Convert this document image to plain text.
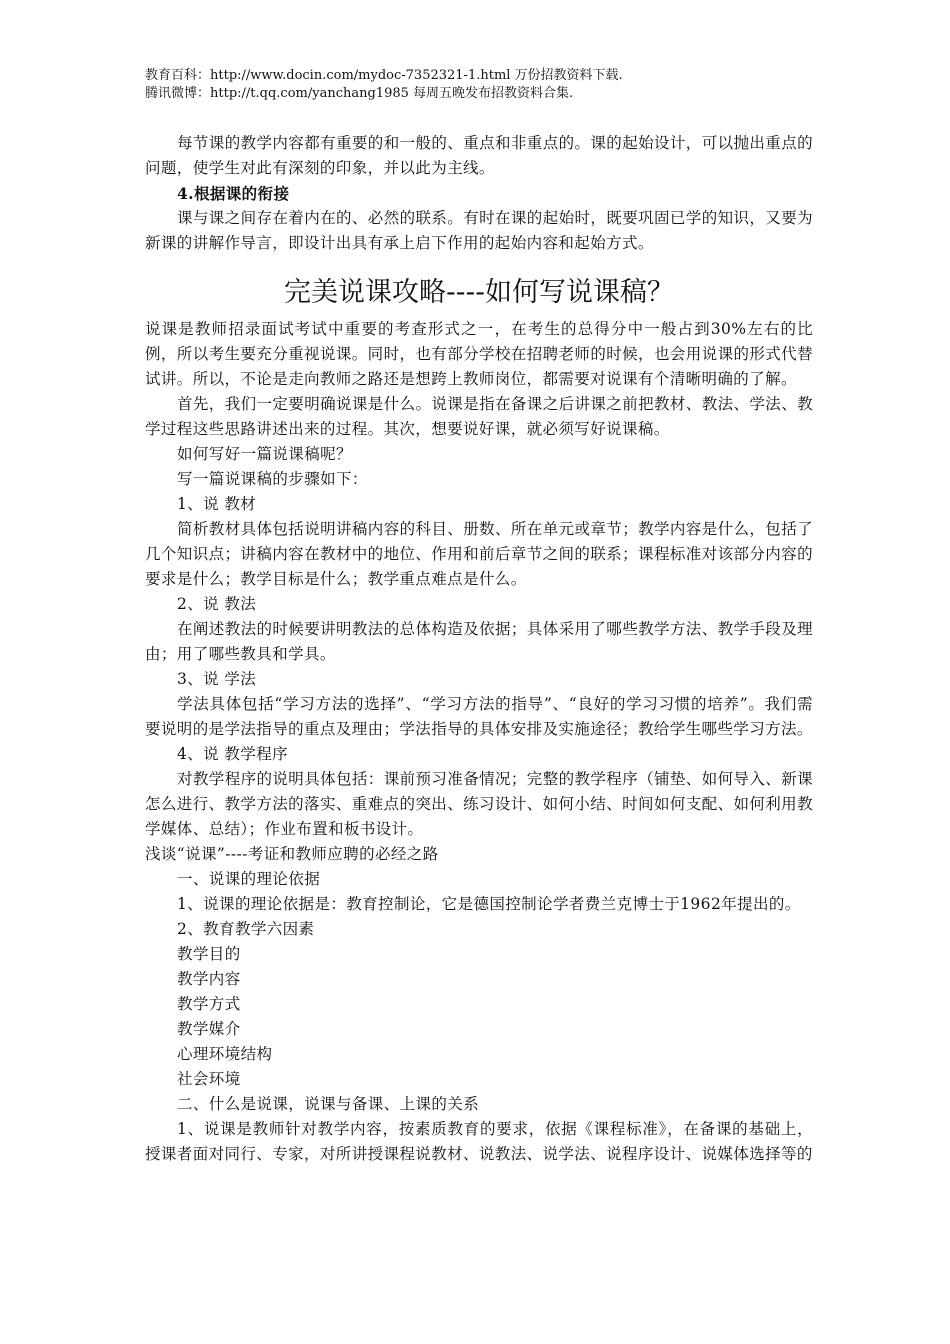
教育百科：http://www.docin.com/mydoc-7352321-1.html 万份招教资料下载.
腾讯微博：http://t.qq.com/yanchang1985 每周五晚发布招教资料合集.

每节课的教学内容都有重要的和一般的、重点和非重点的。课的起始设计，可以抛出重点的问题，使学生对此有深刻的印象，并以此为主线。

4.根据课的衔接

课与课之间存在着内在的、必然的联系。有时在课的起始时，既要巩固已学的知识，又要为新课的讲解作导言，即设计出具有承上启下作用的起始内容和起始方式。

完美说课攻略----如何写说课稿？

说课是教师招录面试考试中重要的考查形式之一，在考生的总得分中一般占到30%左右的比例，所以考生要充分重视说课。同时，也有部分学校在招聘老师的时候，也会用说课的形式代替试讲。所以，不论是走向教师之路还是想跨上教师岗位，都需要对说课有个清晰明确的了解。

首先，我们一定要明确说课是什么。说课是指在备课之后讲课之前把教材、教法、学法、教学过程这些思路讲述出来的过程。其次，想要说好课，就必须写好说课稿。

如何写好一篇说课稿呢？

写一篇说课稿的步骤如下：

1、说 教材

简析教材具体包括说明讲稿内容的科目、册数、所在单元或章节；教学内容是什么，包括了几个知识点；讲稿内容在教材中的地位、作用和前后章节之间的联系；课程标准对该部分内容的要求是什么；教学目标是什么；教学重点难点是什么。

2、说 教法

在阐述教法的时候要讲明教法的总体构造及依据；具体采用了哪些教学方法、教学手段及理由；用了哪些教具和学具。

3、说 学法

学法具体包括“学习方法的选择”、“学习方法的指导”、“良好的学习习惯的培养”。我们需要说明的是学法指导的重点及理由；学法指导的具体安排及实施途径；教给学生哪些学习方法。

4、说 教学程序

对教学程序的说明具体包括：课前预习准备情况；完整的教学程序（铺垫、如何导入、新课怎么进行、教学方法的落实、重难点的突出、练习设计、如何小结、时间如何支配、如何利用教学媒体、总结）；作业布置和板书设计。

浅谈“说课”----考证和教师应聘的必经之路

一、说课的理论依据

1、说课的理论依据是：教育控制论，它是德国控制论学者费兰克博士于1962年提出的。

2、教育教学六因素

教学目的

教学内容

教学方式

教学媒介

心理环境结构

社会环境

二、什么是说课，说课与备课、上课的关系

1、说课是教师针对教学内容，按素质教育的要求，依据《课程标准》，在备课的基础上，授课者面对同行、专家，对所讲授课程说教材、说教法、说学法、说程序设计、说媒体选择等的
